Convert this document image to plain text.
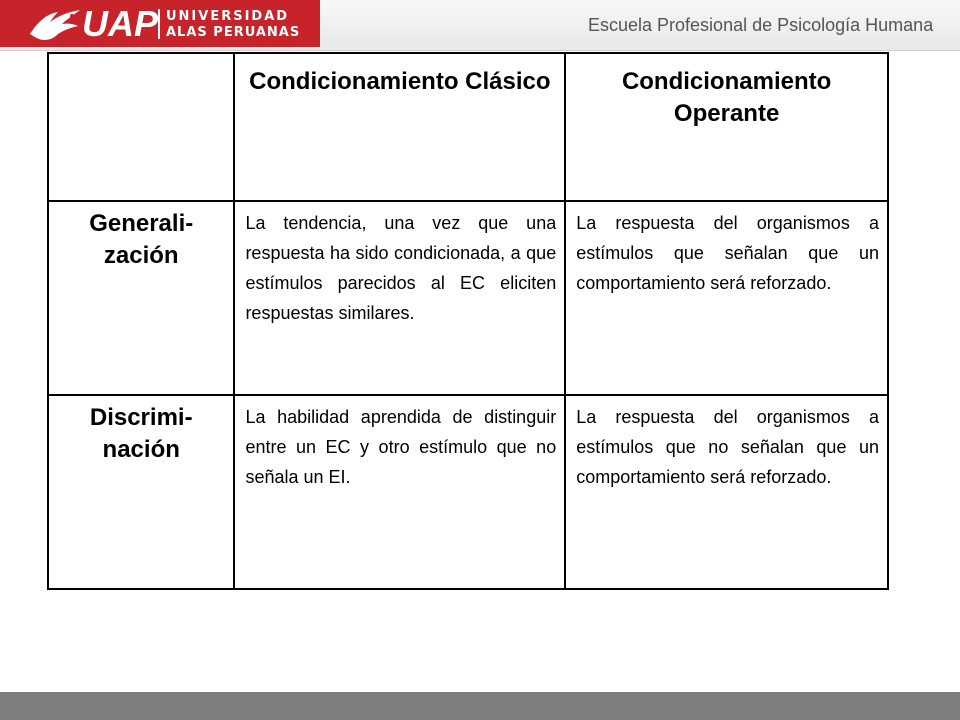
UAP UNIVERSIDAD
ALAS PERUANAS	Escuela Profesional de Psicología Humana
	Condicionamiento Clásico	Condicionamiento Operante
Generali-
zación	La tendencia, una vez que una respuesta ha sido condicionada, a que estímulos parecidos al EC eliciten respuestas similares.	La respuesta del organismos a estímulos que señalan que un comportamiento será reforzado.
Discrimi-
nación	La habilidad aprendida de distinguir entre un EC y otro estímulo que no señala un EI.	La respuesta del organismos a estímulos que no señalan que un comportamiento será reforzado.
